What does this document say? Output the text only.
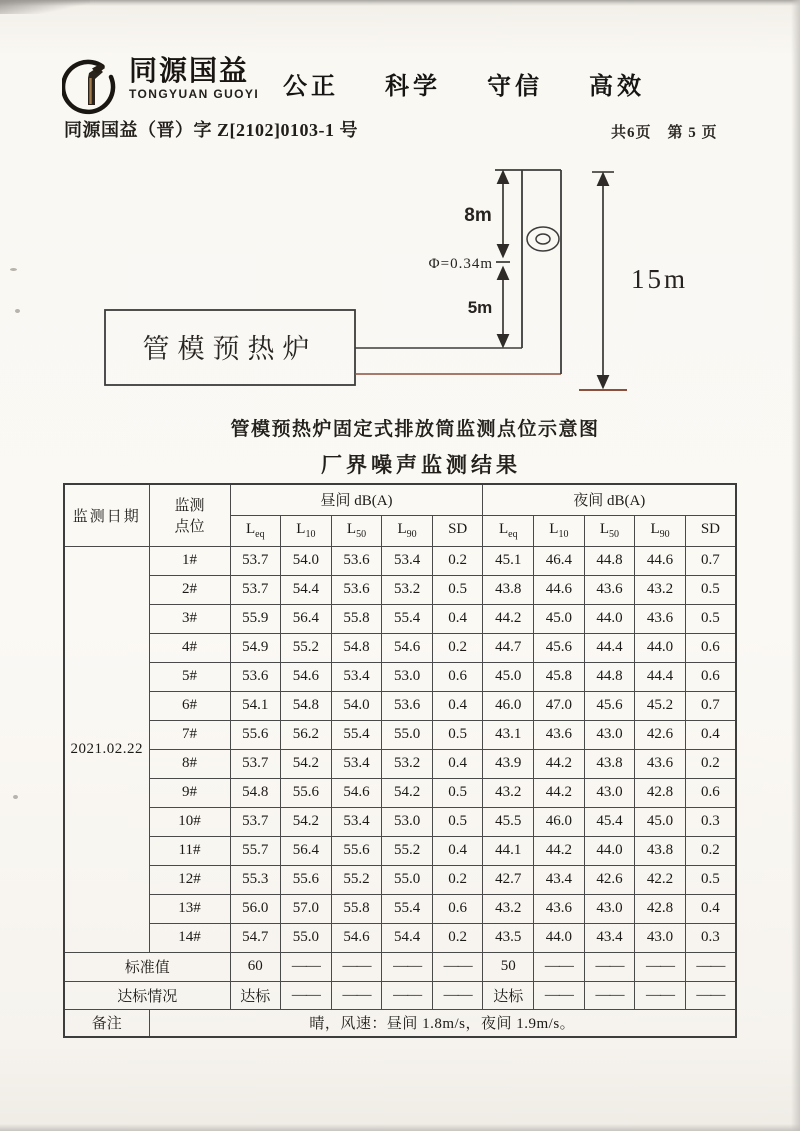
同源国益
TONGYUAN GUOYI 公正 科学 守信 高效
同源国益（晋）字 Z[2102]0103-1 号	共6页　第 5 页
管模预热炉
8m
Φ=0.34m
5m
15m
管模预热炉固定式排放筒监测点位示意图
厂界噪声监测结果
监测日期	监测
点位	昼间 dB(A)					夜间 dB(A)				
		$L_{eq}$	$L_{10}$	$L_{50}$	$L_{90}$	SD	$L_{eq}$	$L_{10}$	$L_{50}$	$L_{90}$	SD
2021.02.22	1#	53.7	54.0	53.6	53.4	0.2	45.1	46.4	44.8	44.6	0.7
	2#	53.7	54.4	53.6	53.2	0.5	43.8	44.6	43.6	43.2	0.5
	3#	55.9	56.4	55.8	55.4	0.4	44.2	45.0	44.0	43.6	0.5
	4#	54.9	55.2	54.8	54.6	0.2	44.7	45.6	44.4	44.0	0.6
	5#	53.6	54.6	53.4	53.0	0.6	45.0	45.8	44.8	44.4	0.6
	6#	54.1	54.8	54.0	53.6	0.4	46.0	47.0	45.6	45.2	0.7
	7#	55.6	56.2	55.4	55.0	0.5	43.1	43.6	43.0	42.6	0.4
	8#	53.7	54.2	53.4	53.2	0.4	43.9	44.2	43.8	43.6	0.2
	9#	54.8	55.6	54.6	54.2	0.5	43.2	44.2	43.0	42.8	0.6
	10#	53.7	54.2	53.4	53.0	0.5	45.5	46.0	45.4	45.0	0.3
	11#	55.7	56.4	55.6	55.2	0.4	44.1	44.2	44.0	43.8	0.2
	12#	55.3	55.6	55.2	55.0	0.2	42.7	43.4	42.6	42.2	0.5
	13#	56.0	57.0	55.8	55.4	0.6	43.2	43.6	43.0	42.8	0.4
	14#	54.7	55.0	54.6	54.4	0.2	43.5	44.0	43.4	43.0	0.3
标准值		60	——	——	——	——	50	——	——	——	——
达标情况		达标	——	——	——	——	达标	——	——	——	——
备注	晴，风速：昼间 1.8m/s，夜间 1.9m/s。										
